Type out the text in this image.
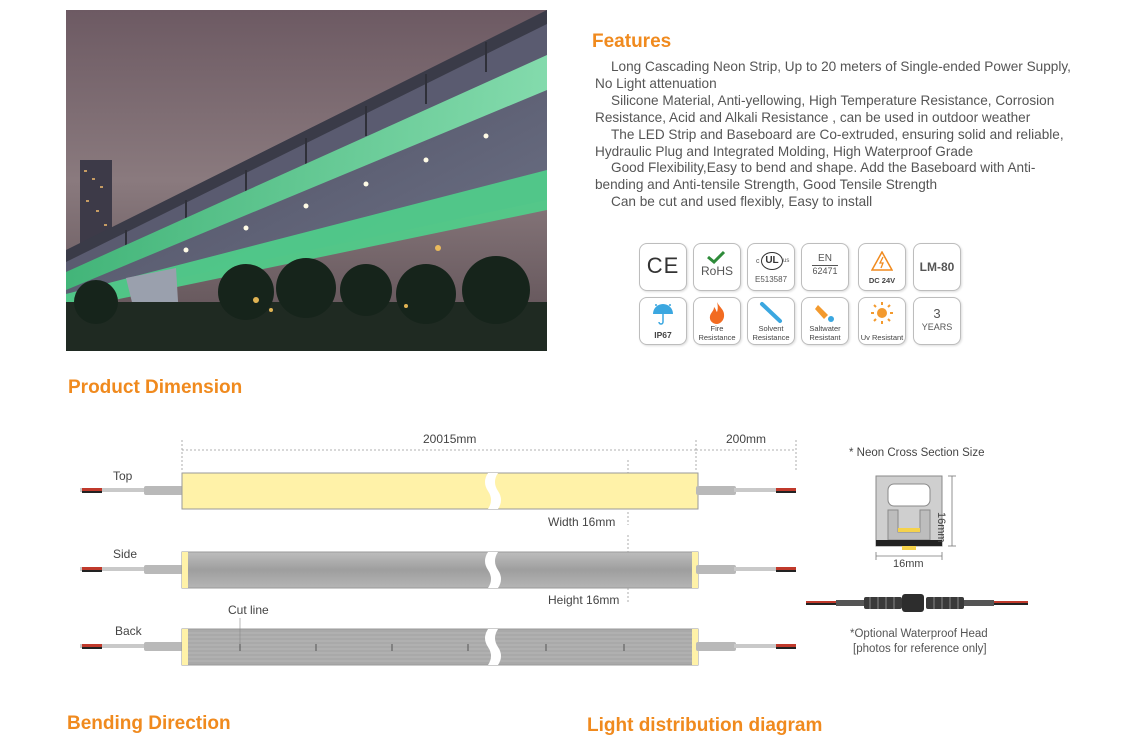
Features

Long Cascading Neon Strip, Up to 20 meters of Single-ended Power Supply, No Light attenuation

Silicone Material, Anti-yellowing, High Temperature Resistance, Corrosion Resistance, Acid and Alkali Resistance , can be used in outdoor weather

The LED Strip and Baseboard are Co-extruded, ensuring solid and reliable, Hydraulic Plug and Integrated Molding, High Waterproof Grade

Good Flexibility,Easy to bend and shape. Add the Baseboard with Anti-bending and Anti-tensile Strength, Good Tensile Strength

Can be cut and used flexibly, Easy to install

CE	RoHS
c UL us
E513587
EN
62471
DC 24V
LM-80
IP67
Fire Resistance
Solvent Resistance
Saltwater Resistant	Uv Resistant
3
YEARS
Product Dimension
20015mm	200mm
Top
Side
Back
Width 16mm
Height 16mm
Cut line
* Neon Cross Section Size
16mm
16mm
*Optional Waterproof Head
[photos for reference only]
Bending Direction	Light distribution diagram
